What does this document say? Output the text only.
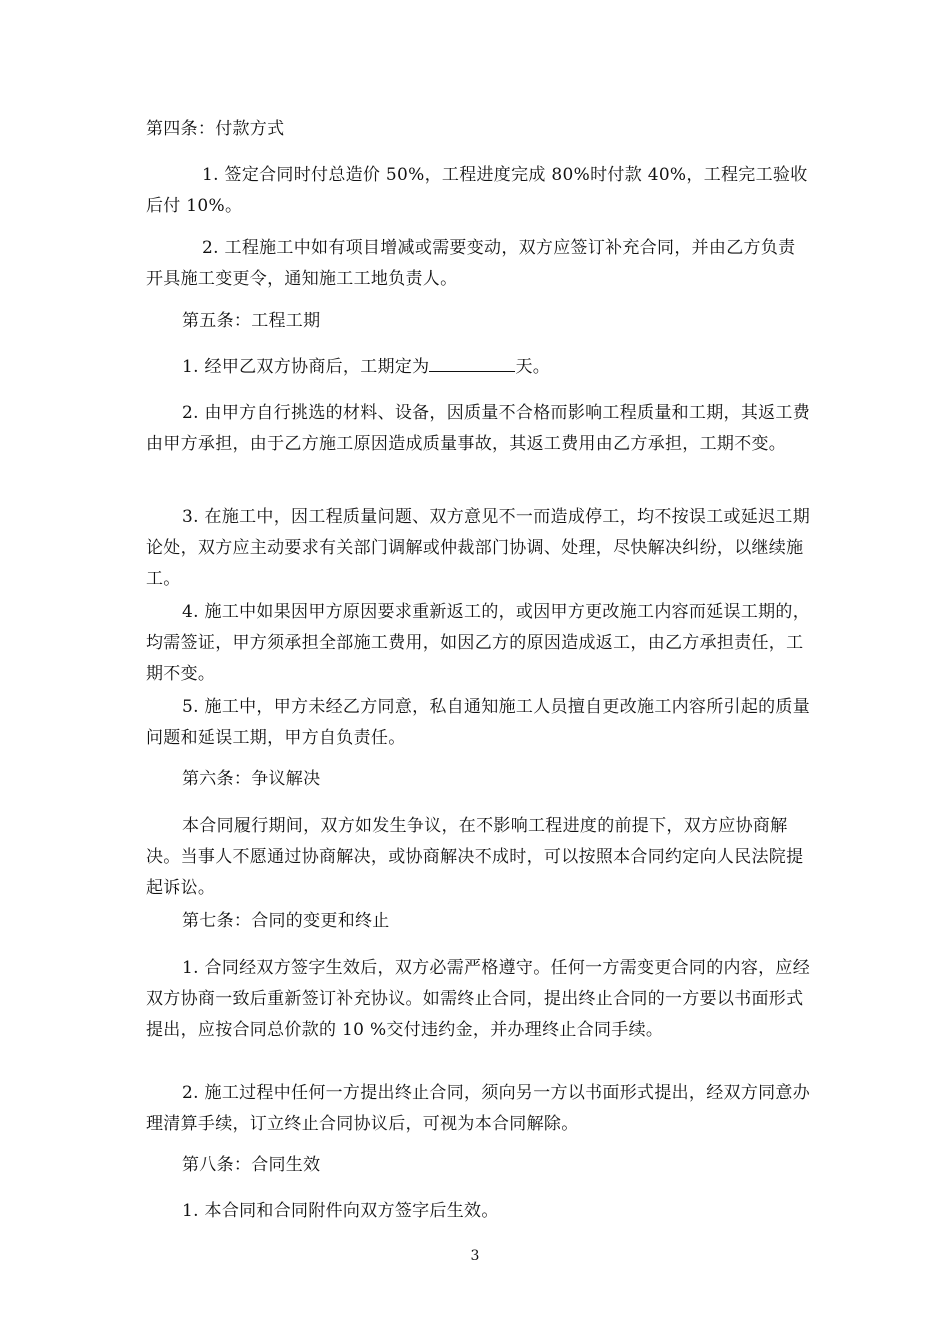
第四条：付款方式

1. 签定合同时付总造价 50%，工程进度完成 80%时付款 40%，工程完工验收后付 10%。

2. 工程施工中如有项目增减或需要变动，双方应签订补充合同，并由乙方负责开具施工变更令，通知施工工地负责人。

第五条：工程工期

1. 经甲乙双方协商后，工期定为	天。

2. 由甲方自行挑选的材料、设备，因质量不合格而影响工程质量和工期，其返工费由甲方承担，由于乙方施工原因造成质量事故，其返工费用由乙方承担，工期不变。

3. 在施工中，因工程质量问题、双方意见不一而造成停工，均不按误工或延迟工期论处，双方应主动要求有关部门调解或仲裁部门协调、处理，尽快解决纠纷，以继续施工。

4. 施工中如果因甲方原因要求重新返工的，或因甲方更改施工内容而延误工期的，均需签证，甲方须承担全部施工费用，如因乙方的原因造成返工，由乙方承担责任，工期不变。

5. 施工中，甲方未经乙方同意，私自通知施工人员擅自更改施工内容所引起的质量问题和延误工期，甲方自负责任。

第六条：争议解决

本合同履行期间，双方如发生争议，在不影响工程进度的前提下，双方应协商解决。当事人不愿通过协商解决，或协商解决不成时，可以按照本合同约定向人民法院提起诉讼。

第七条：合同的变更和终止

1. 合同经双方签字生效后，双方必需严格遵守。任何一方需变更合同的内容，应经双方协商一致后重新签订补充协议。如需终止合同，提出终止合同的一方要以书面形式提出，应按合同总价款的 10 %交付违约金，并办理终止合同手续。

2. 施工过程中任何一方提出终止合同，须向另一方以书面形式提出，经双方同意办理清算手续，订立终止合同协议后，可视为本合同解除。

第八条：合同生效

1. 本合同和合同附件向双方签字后生效。

3
